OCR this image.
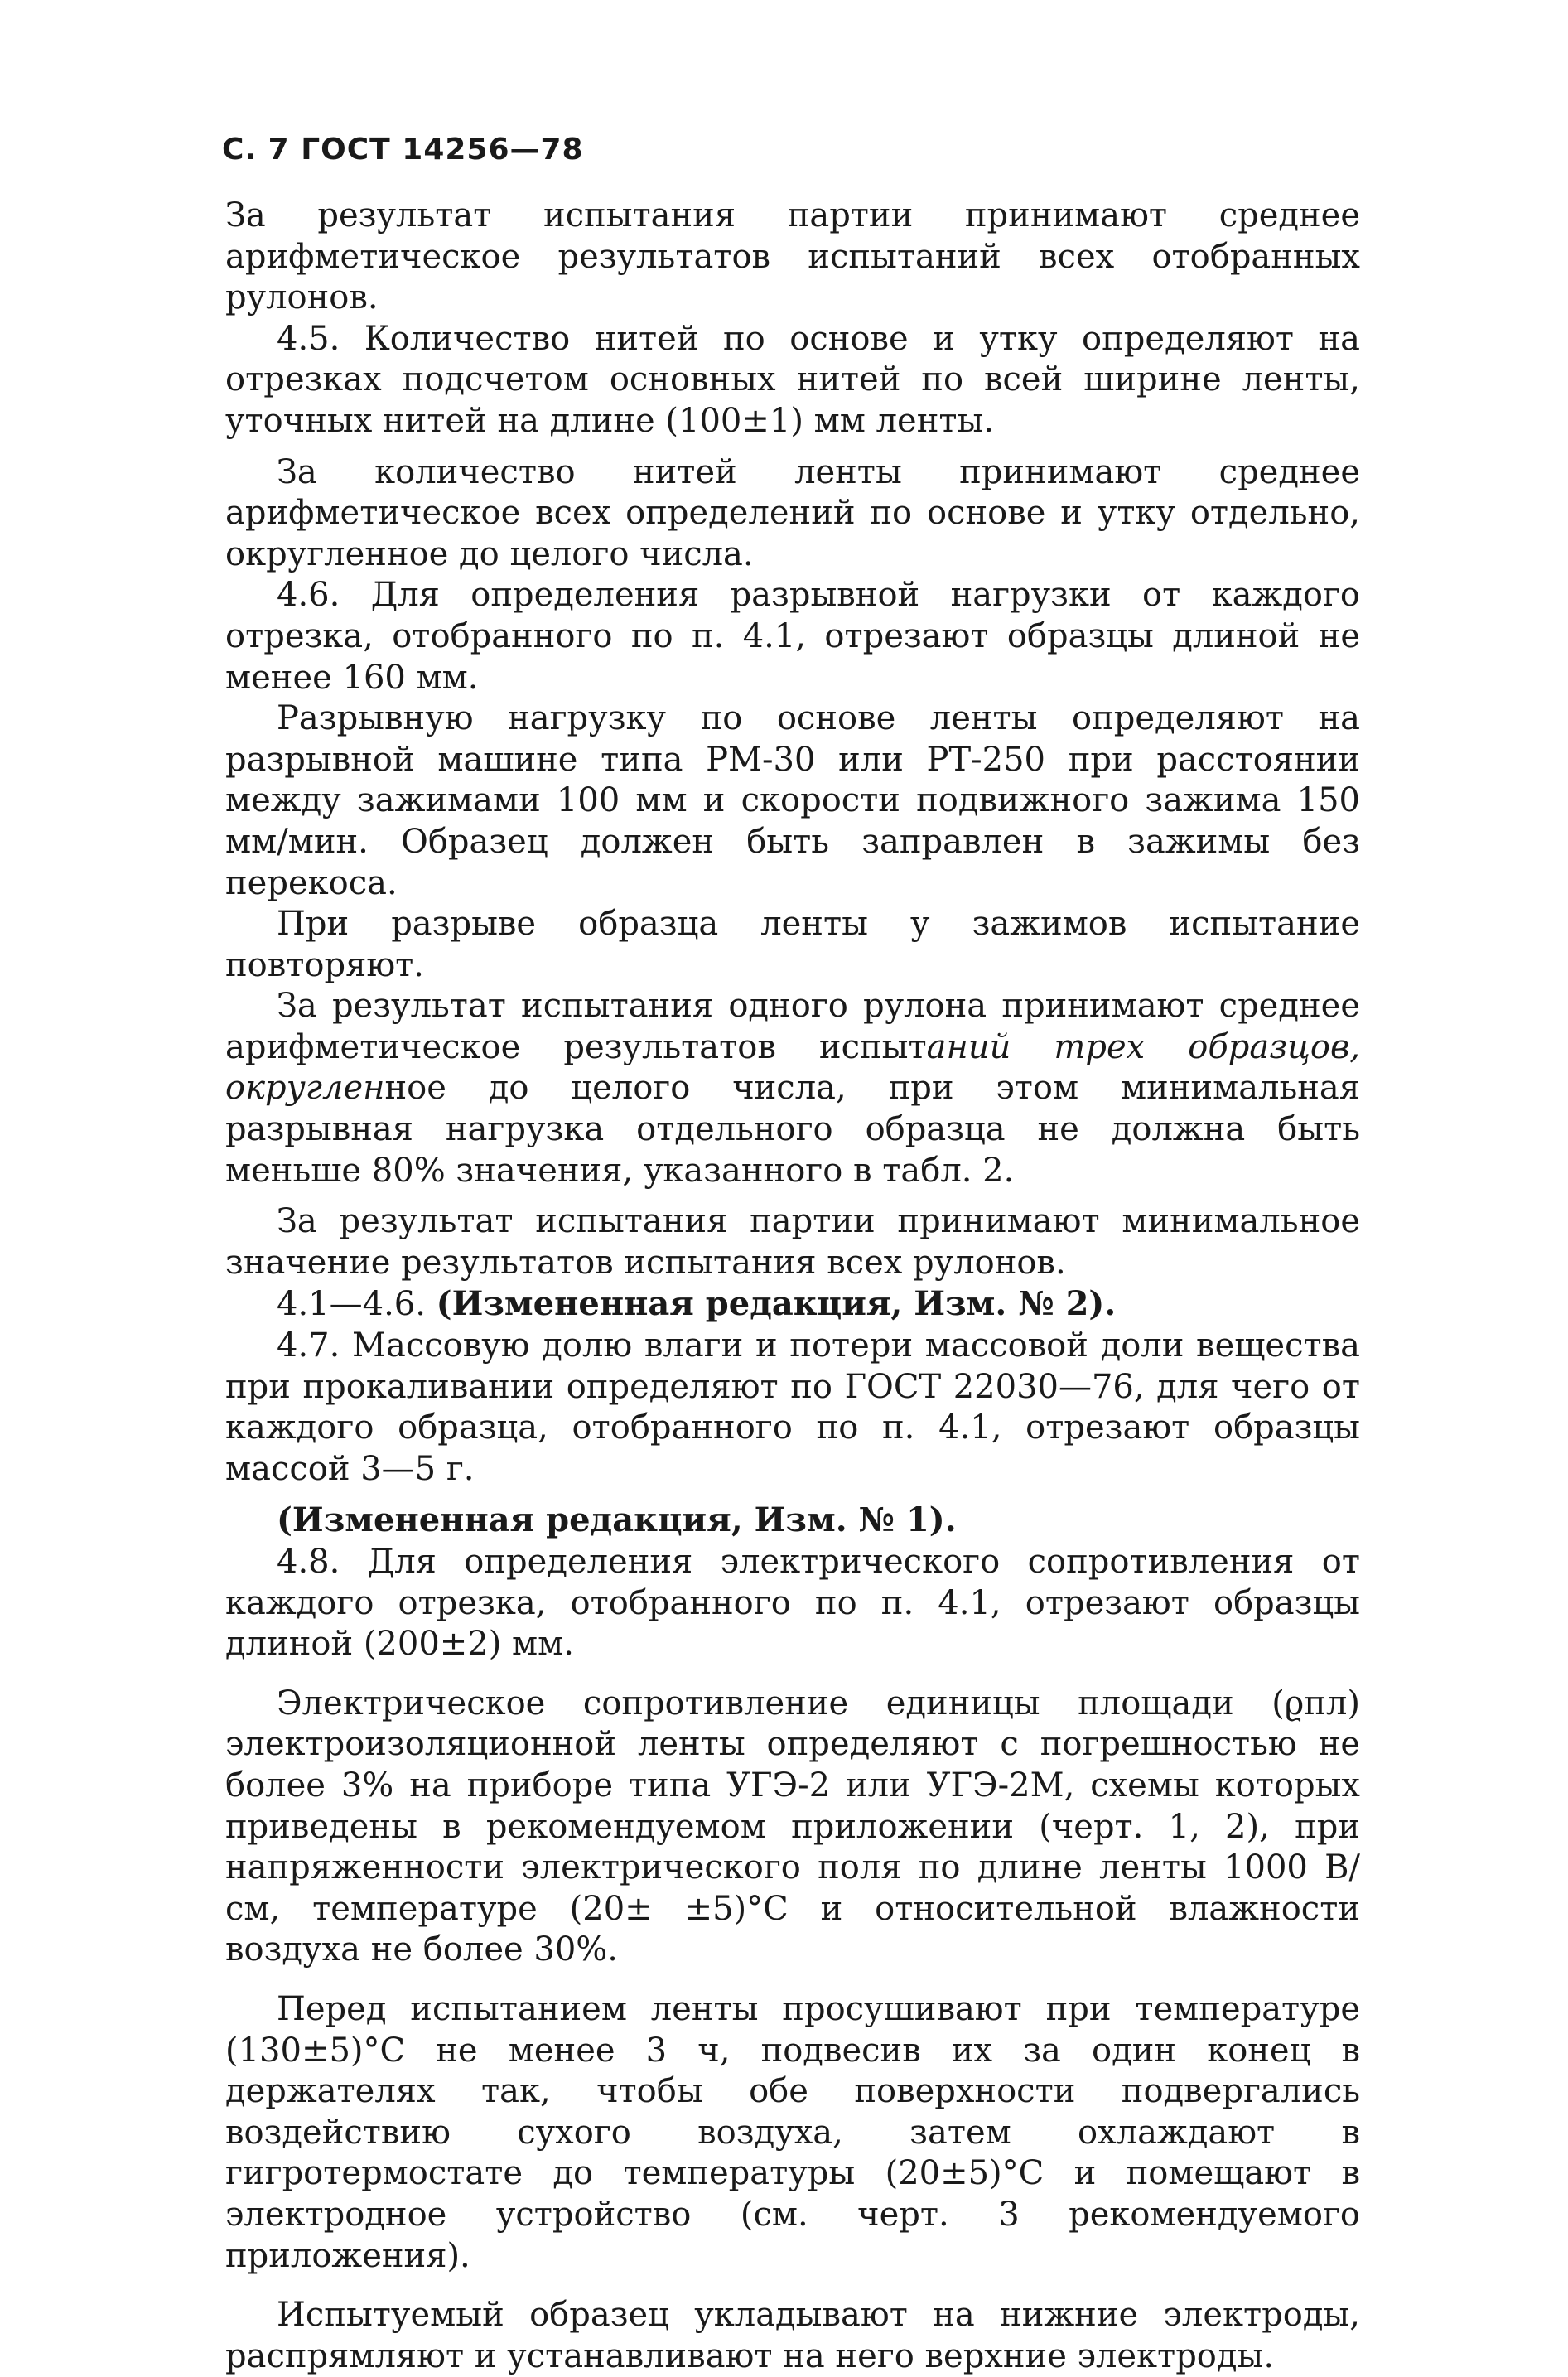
С. 7 ГОСТ 14256—78

За результат испытания партии принимают среднее арифметическое результатов испытаний всех отобранных рулонов.

4.5. Количество нитей по основе и утку определяют на отрезках подсчетом основных нитей по всей ширине ленты, уточных нитей на длине (100±1) мм ленты.

За количество нитей ленты принимают среднее арифметическое всех определений по основе и утку отдельно, округленное до целого числа.

4.6. Для определения разрывной нагрузки от каждого отрезка, отобранного по п. 4.1, отрезают образцы длиной не менее 160 мм.

Разрывную нагрузку по основе ленты определяют на разрывной машине типа РМ-30 или РТ-250 при расстоянии между зажимами 100 мм и скорости подвижного зажима 150 мм/мин. Образец должен быть заправлен в зажимы без перекоса.

При разрыве образца ленты у зажимов испытание повторяют.

За результат испытания одного рулона принимают среднее арифметическое результатов испытаний трех образцов, округленное до целого числа, при этом минимальная разрывная нагрузка отдельного образца не должна быть меньше 80% значения, указанного в табл. 2.

За результат испытания партии принимают минимальное значение результатов испытания всех рулонов.

4.1—4.6. (Измененная редакция, Изм. № 2).

4.7. Массовую долю влаги и потери массовой доли вещества при прокаливании определяют по ГОСТ 22030—76, для чего от каждого образца, отобранного по п. 4.1, отрезают образцы массой 3—5 г.

(Измененная редакция, Изм. № 1).

4.8. Для определения электрического сопротивления от каждого отрезка, отобранного по п. 4.1, отрезают образцы длиной (200±2) мм.

Электрическое сопротивление единицы площади (ϱпл) электроизоляционной ленты определяют с погрешностью не более 3% на приборе типа УГЭ-2 или УГЭ-2М, схемы которых приведены в рекомендуемом приложении (черт. 1, 2), при напряженности электрического поля по длине ленты 1000 В/см, температуре (20± ±5)°С и относительной влажности воздуха не более 30%.

Перед испытанием ленты просушивают при температуре (130±5)°С не менее 3 ч, подвесив их за один конец в держателях так, чтобы обе поверхности подвергались воздействию сухого воздуха, затем охлаждают в гигротермостате до температуры (20±5)°С и помещают в электродное устройство (см. черт. 3 рекомендуемого приложения).

Испытуемый образец укладывают на нижние электроды, распрямляют и устанавливают на него верхние электроды.
